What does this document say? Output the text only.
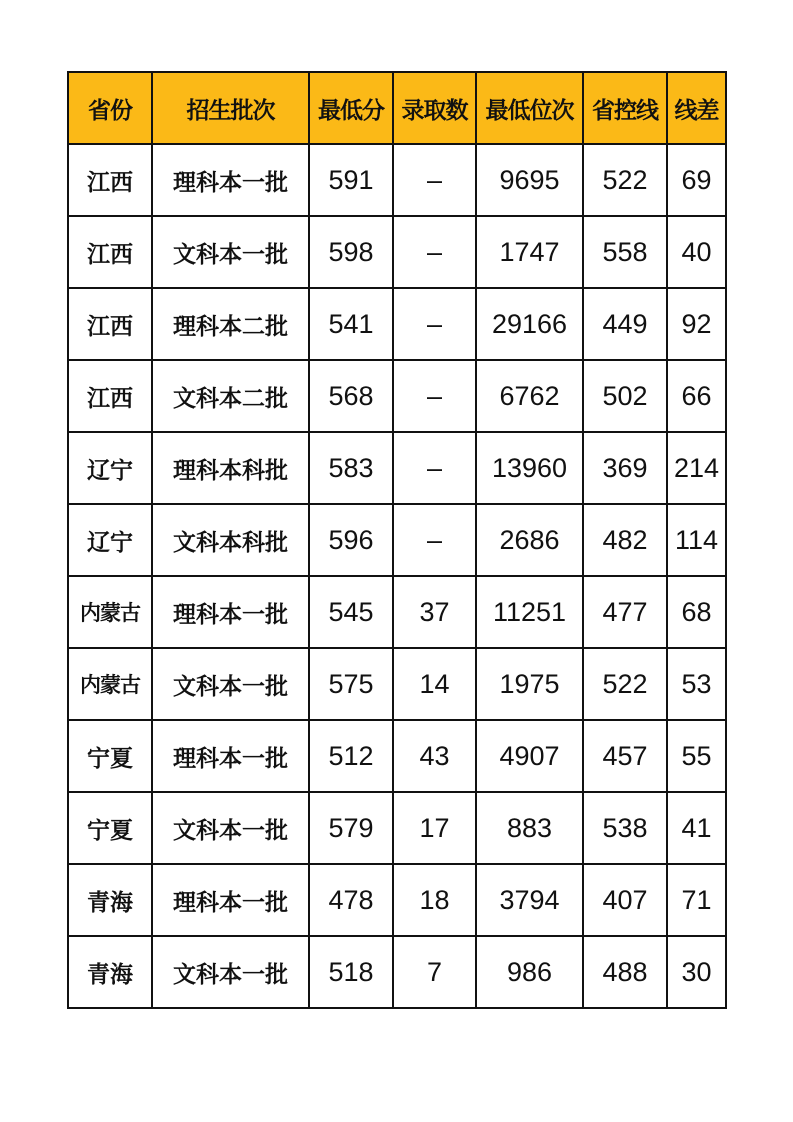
省份	招生批次	最低分	录取数	最低位次	省控线	线差
江西	理科本一批	591	–	9695	522	69
江西	文科本一批	598	–	1747	558	40
江西	理科本二批	541	–	29166	449	92
江西	文科本二批	568	–	6762	502	66
辽宁	理科本科批	583	–	13960	369	214
辽宁	文科本科批	596	–	2686	482	114
内蒙古	理科本一批	545	37	11251	477	68
内蒙古	文科本一批	575	14	1975	522	53
宁夏	理科本一批	512	43	4907	457	55
宁夏	文科本一批	579	17	883	538	41
青海	理科本一批	478	18	3794	407	71
青海	文科本一批	518	7	986	488	30
